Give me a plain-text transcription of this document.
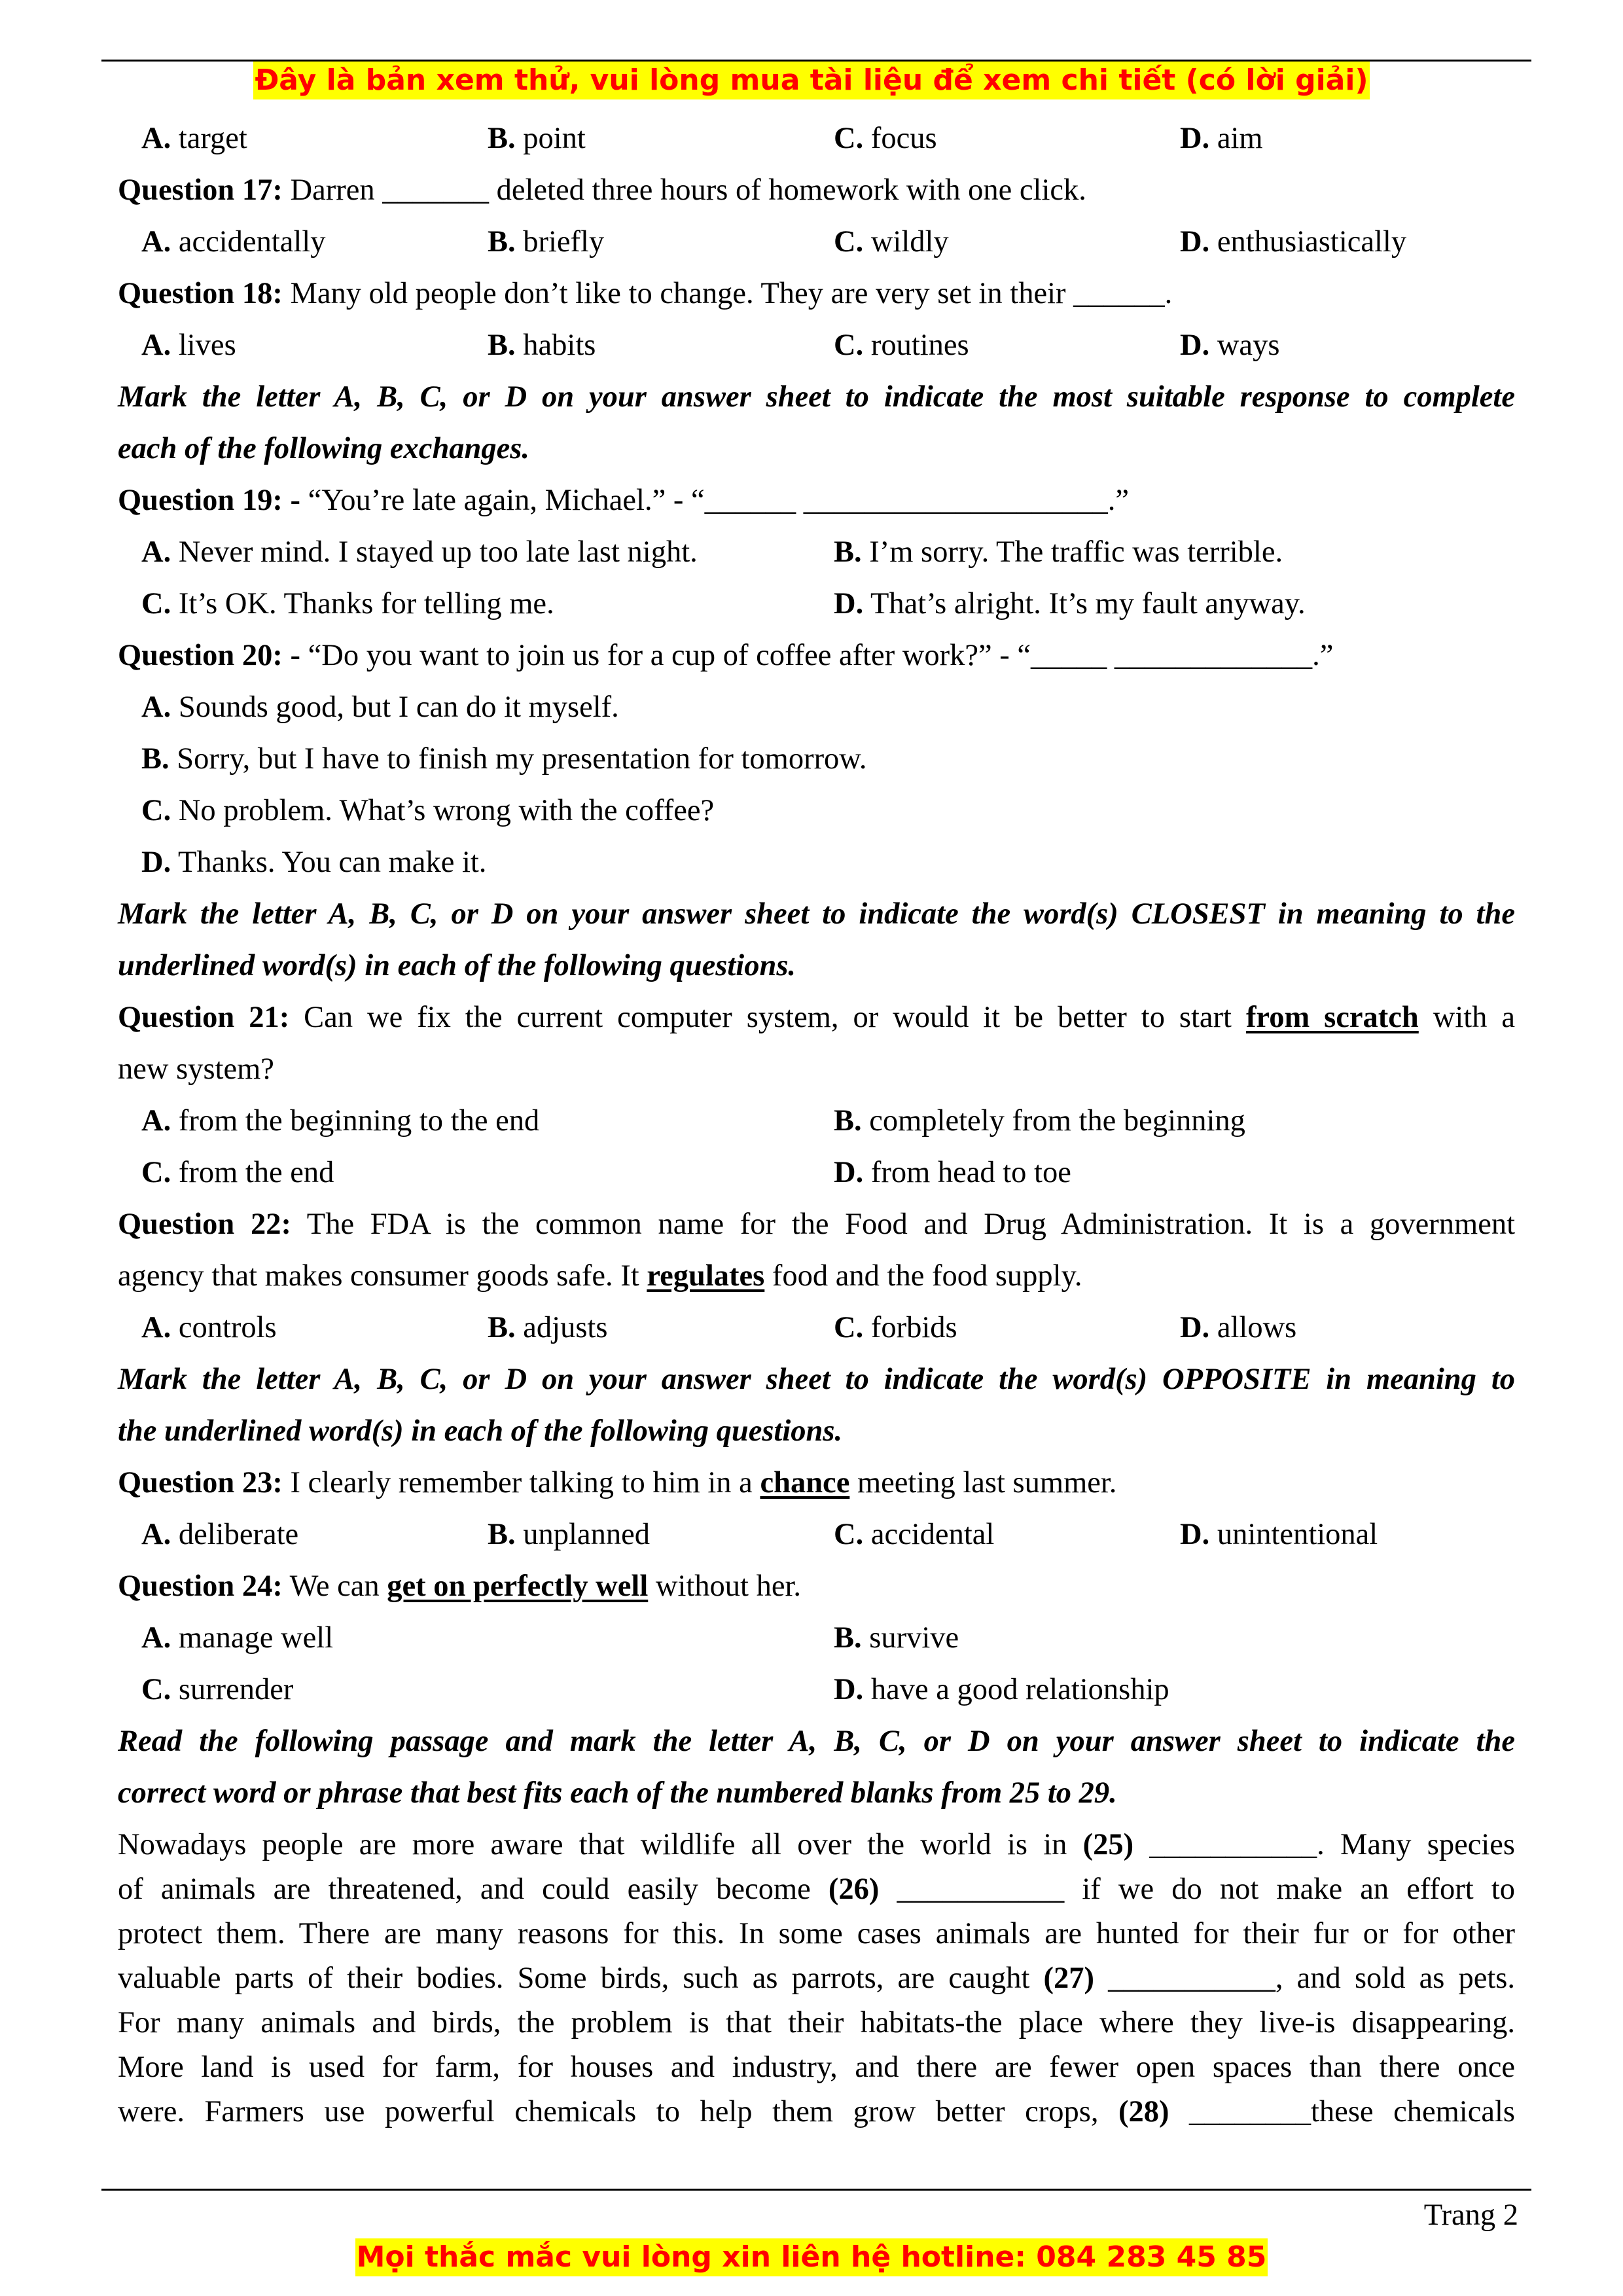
Đây là bản xem thử, vui lòng mua tài liệu để xem chi tiết (có lời giải)
A. target	B. point	C. focus	D. aim
Question 17: Darren _______ deleted three hours of homework with one click.
A. accidentally	B. briefly	C. wildly	D. enthusiastically
Question 18: Many old people don’t like to change. They are very set in their ______.
A. lives	B. habits	C. routines	D. ways
Mark the letter A, B, C, or D on your answer sheet to indicate the most suitable response to complete
each of the following exchanges.
Question 19: - “You’re late again, Michael.” - “______ ____________________.”
A. Never mind. I stayed up too late last night.	B. I’m sorry. The traffic was terrible.
C. It’s OK. Thanks for telling me.	D. That’s alright. It’s my fault anyway.
Question 20: - “Do you want to join us for a cup of coffee after work?” - “_____ _____________.”
A. Sounds good, but I can do it myself.
B. Sorry, but I have to finish my presentation for tomorrow.
C. No problem. What’s wrong with the coffee?
D. Thanks. You can make it.
Mark the letter A, B, C, or D on your answer sheet to indicate the word(s) CLOSEST in meaning to the
underlined word(s) in each of the following questions.
Question 21: Can we fix the current computer system, or would it be better to start from scratch with a
new system?
A. from the beginning to the end	B. completely from the beginning
C. from the end	D. from head to toe
Question 22: The FDA is the common name for the Food and Drug Administration. It is a government
agency that makes consumer goods safe. It regulates food and the food supply.
A. controls	B. adjusts	C. forbids	D. allows
Mark the letter A, B, C, or D on your answer sheet to indicate the word(s) OPPOSITE in meaning to
the underlined word(s) in each of the following questions.
Question 23: I clearly remember talking to him in a chance meeting last summer.
A. deliberate	B. unplanned	C. accidental	D. unintentional
Question 24: We can get on perfectly well without her.
A. manage well	B. survive
C. surrender	D. have a good relationship
Read the following passage and mark the letter A, B, C, or D on your answer sheet to indicate the
correct word or phrase that best fits each of the numbered blanks from 25 to 29.
Nowadays people are more aware that wildlife all over the world is in (25) ___________. Many species
of animals are threatened, and could easily become (26) ___________ if we do not make an effort to
protect them. There are many reasons for this. In some cases animals are hunted for their fur or for other
valuable parts of their bodies. Some birds, such as parrots, are caught (27) ___________, and sold as pets.
For many animals and birds, the problem is that their habitats-the place where they live-is disappearing.
More land is used for farm, for houses and industry, and there are fewer open spaces than there once
were. Farmers use powerful chemicals to help them grow better crops, (28) ________these chemicals
Trang 2
Mọi thắc mắc vui lòng xin liên hệ hotline: 084 283 45 85
